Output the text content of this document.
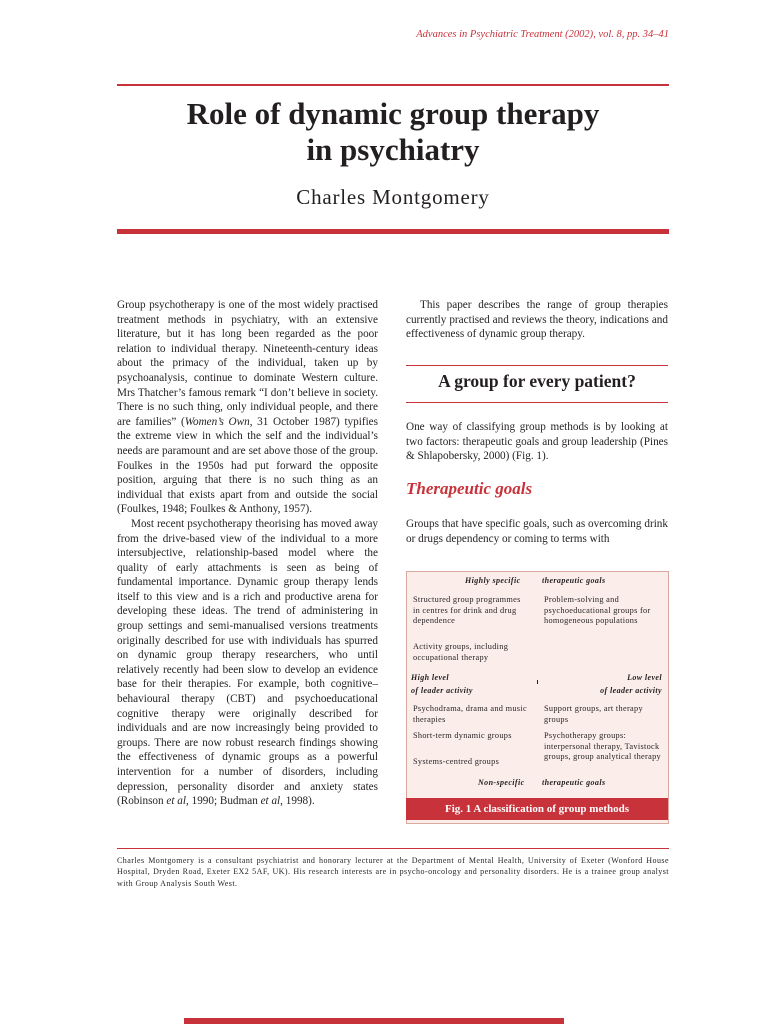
Advances in Psychiatric Treatment (2002), vol. 8, pp. 34–41
Role of dynamic group therapy
in psychiatry
Charles Montgomery

Group psychotherapy is one of the most widely practised treatment methods in psychiatry, with an extensive literature, but it has long been regarded as the poor relation to individual therapy. Nineteenth-century ideas about the primacy of the individual, taken up by psychoanalysis, continue to dominate Western culture. Mrs Thatcher’s famous remark “I don’t believe in society. There is no such thing, only individual people, and there are families” (Women’s Own, 31 October 1987) typifies the extreme view in which the self and the individual’s needs are paramount and are set above those of the group. Foulkes in the 1950s had put forward the opposite position, arguing that there is no such thing as an individual that exists apart from and outside the social (Foulkes, 1948; Foulkes & Anthony, 1957).

Most recent psychotherapy theorising has moved away from the drive-based view of the individual to a more intersubjective, relationship-based model where the quality of early attachments is seen as being of fundamental importance. Dynamic group therapy lends itself to this view and is a rich and productive arena for developing these ideas. The trend of administering in group settings and semi-manualised versions treatments originally described for use with individuals has spurred on dynamic group therapy researchers, who until relatively recently had been slow to develop an evidence base for their therapies. For example, both cognitive–behavioural therapy (CBT) and psychoeducational cognitive therapy were originally described for individuals and are now increasingly being provided to groups. There are now robust research findings showing the effectiveness of dynamic groups as a powerful intervention for a number of disorders, including depression, personality disorder and anxiety states (Robinson et al, 1990; Budman et al, 1998).

This paper describes the range of group therapies currently practised and reviews the theory, indications and effectiveness of dynamic group therapy.

A group for every patient?

One way of classifying group methods is by looking at two factors: therapeutic goals and group leadership (Pines & Shlapobersky, 2000) (Fig. 1).

Therapeutic goals

Groups that have specific goals, such as overcoming drink or drugs dependency or coming to terms with

Highly specific	therapeutic goals
Structured group programmes in centres for drink and drug dependence
Activity groups, including occupational therapy
Problem-solving and psychoeducational groups for homogeneous populations
High level
of leader activity
Low level
of leader activity
Psychodrama, drama and music therapies
Short-term dynamic groups
Systems-centred groups
Support groups, art therapy groups
Psychotherapy groups: interpersonal therapy, Tavistock groups, group analytical therapy
Non-specific therapeutic goals
Fig. 1 A classification of group methods
Charles Montgomery is a consultant psychiatrist and honorary lecturer at the Department of Mental Health, University of Exeter (Wonford House Hospital, Dryden Road, Exeter EX2 5AF, UK). His research interests are in psycho-oncology and personality disorders. He is a trainee group analyst with Group Analysis South West.
